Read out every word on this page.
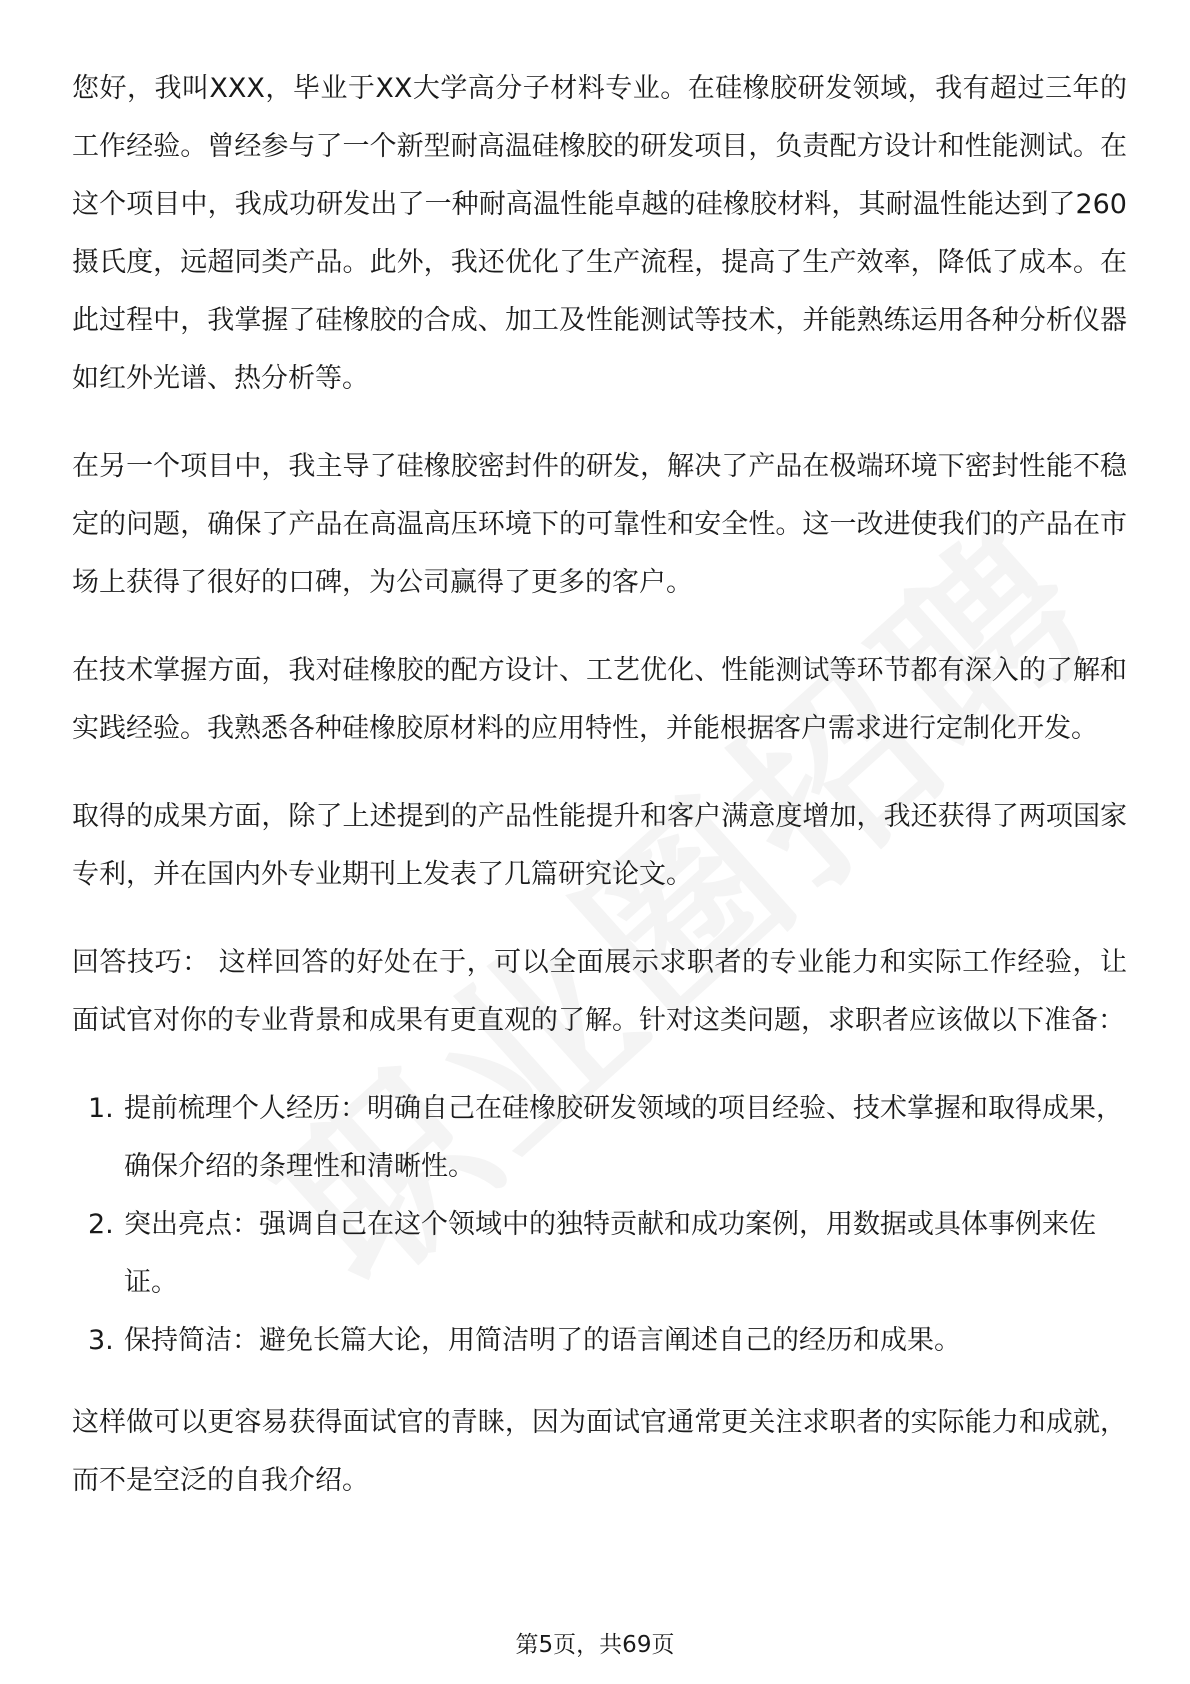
您好，我叫XXX，毕业于XX大学高分子材料专业。在硅橡胶研发领域，我有超过三年的工作经验。曾经参与了一个新型耐高温硅橡胶的研发项目，负责配方设计和性能测试。在这个项目中，我成功研发出了一种耐高温性能卓越的硅橡胶材料，其耐温性能达到了260摄氏度，远超同类产品。此外，我还优化了生产流程，提高了生产效率，降低了成本。在此过程中，我掌握了硅橡胶的合成、加工及性能测试等技术，并能熟练运用各种分析仪器如红外光谱、热分析等。

在另一个项目中，我主导了硅橡胶密封件的研发，解决了产品在极端环境下密封性能不稳定的问题，确保了产品在高温高压环境下的可靠性和安全性。这一改进使我们的产品在市场上获得了很好的口碑，为公司赢得了更多的客户。

在技术掌握方面，我对硅橡胶的配方设计、工艺优化、性能测试等环节都有深入的了解和实践经验。我熟悉各种硅橡胶原材料的应用特性，并能根据客户需求进行定制化开发。

取得的成果方面，除了上述提到的产品性能提升和客户满意度增加，我还获得了两项国家专利，并在国内外专业期刊上发表了几篇研究论文。

回答技巧： 这样回答的好处在于，可以全面展示求职者的专业能力和实际工作经验，让面试官对你的专业背景和成果有更直观的了解。针对这类问题，求职者应该做以下准备：

1. 提前梳理个人经历：明确自己在硅橡胶研发领域的项目经验、技术掌握和取得成果，确保介绍的条理性和清晰性。
2. 突出亮点：强调自己在这个领域中的独特贡献和成功案例，用数据或具体事例来佐证。
3. 保持简洁：避免长篇大论，用简洁明了的语言阐述自己的经历和成果。

这样做可以更容易获得面试官的青睐，因为面试官通常更关注求职者的实际能力和成就，而不是空泛的自我介绍。

第5页，共69页
